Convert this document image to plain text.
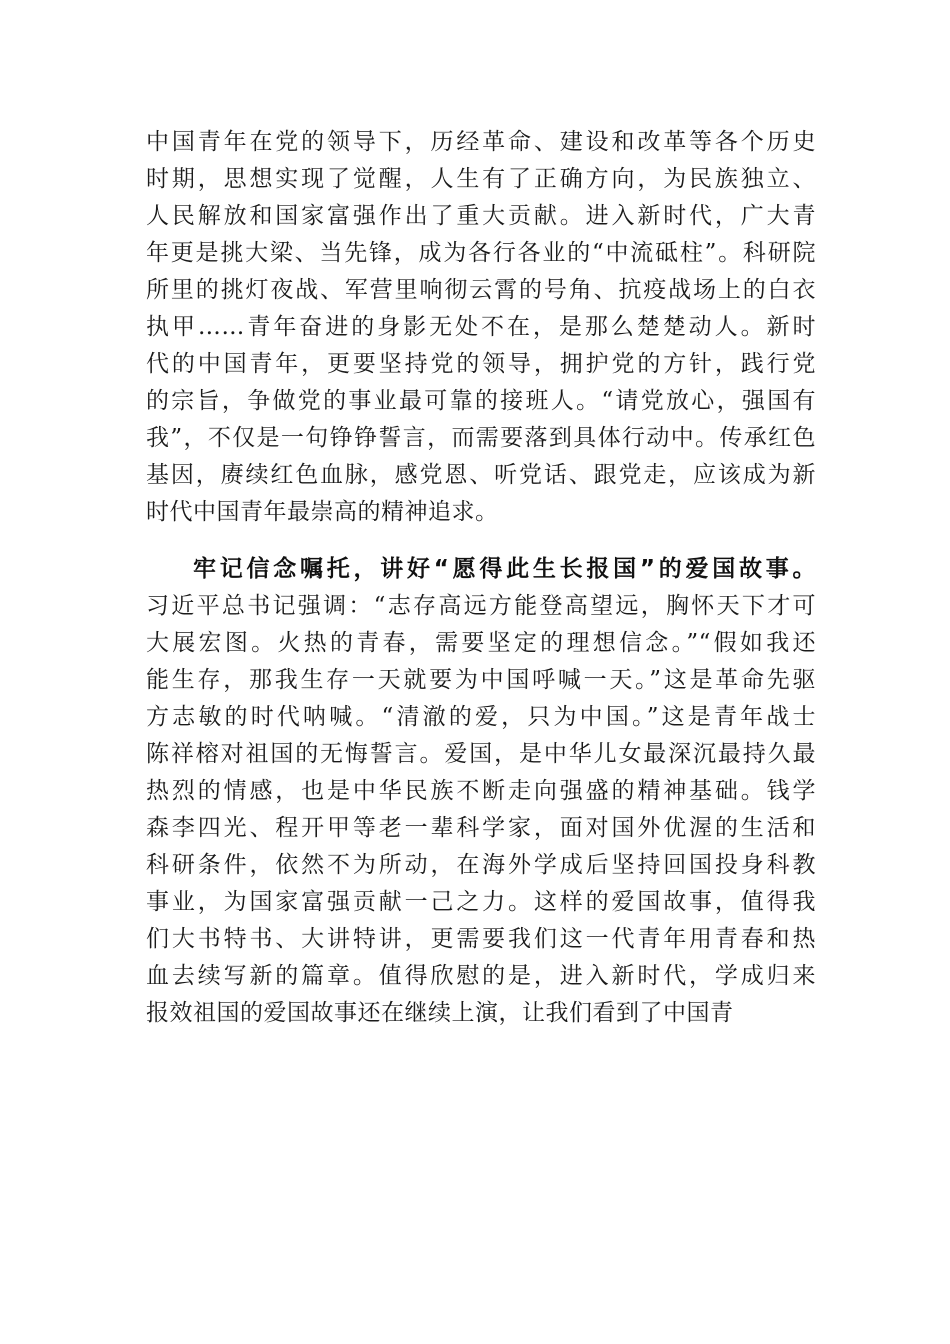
中国青年在党的领导下，历经革命、建设和改革等各个历史
时期，思想实现了觉醒，人生有了正确方向，为民族独立、
人民解放和国家富强作出了重大贡献。进入新时代，广大青
年更是挑大梁、当先锋，成为各行各业的“中流砥柱”。科研院
所里的挑灯夜战、军营里响彻云霄的号角、抗疫战场上的白衣
执甲……青年奋进的身影无处不在，是那么楚楚动人。新时
代的中国青年，更要坚持党的领导，拥护党的方针，践行党
的宗旨，争做党的事业最可靠的接班人。“请党放心，强国有
我”，不仅是一句铮铮誓言，而需要落到具体行动中。传承红色
基因，赓续红色血脉，感党恩、听党话、跟党走，应该成为新
时代中国青年最崇高的精神追求。
牢记信念嘱托，讲好“愿得此生长报国”的爱国故事。
习近平总书记强调：“志存高远方能登高望远，胸怀天下才可
大展宏图。火热的青春，需要坚定的理想信念。”“假如我还
能生存，那我生存一天就要为中国呼喊一天。”这是革命先驱
方志敏的时代呐喊。“清澈的爱，只为中国。”这是青年战士
陈祥榕对祖国的无悔誓言。爱国，是中华儿女最深沉最持久最
热烈的情感，也是中华民族不断走向强盛的精神基础。钱学
森李四光、程开甲等老一辈科学家，面对国外优渥的生活和
科研条件，依然不为所动，在海外学成后坚持回国投身科教
事业，为国家富强贡献一己之力。这样的爱国故事，值得我
们大书特书、大讲特讲，更需要我们这一代青年用青春和热
血去续写新的篇章。值得欣慰的是，进入新时代，学成归来
报效祖国的爱国故事还在继续上演，让我们看到了中国青
